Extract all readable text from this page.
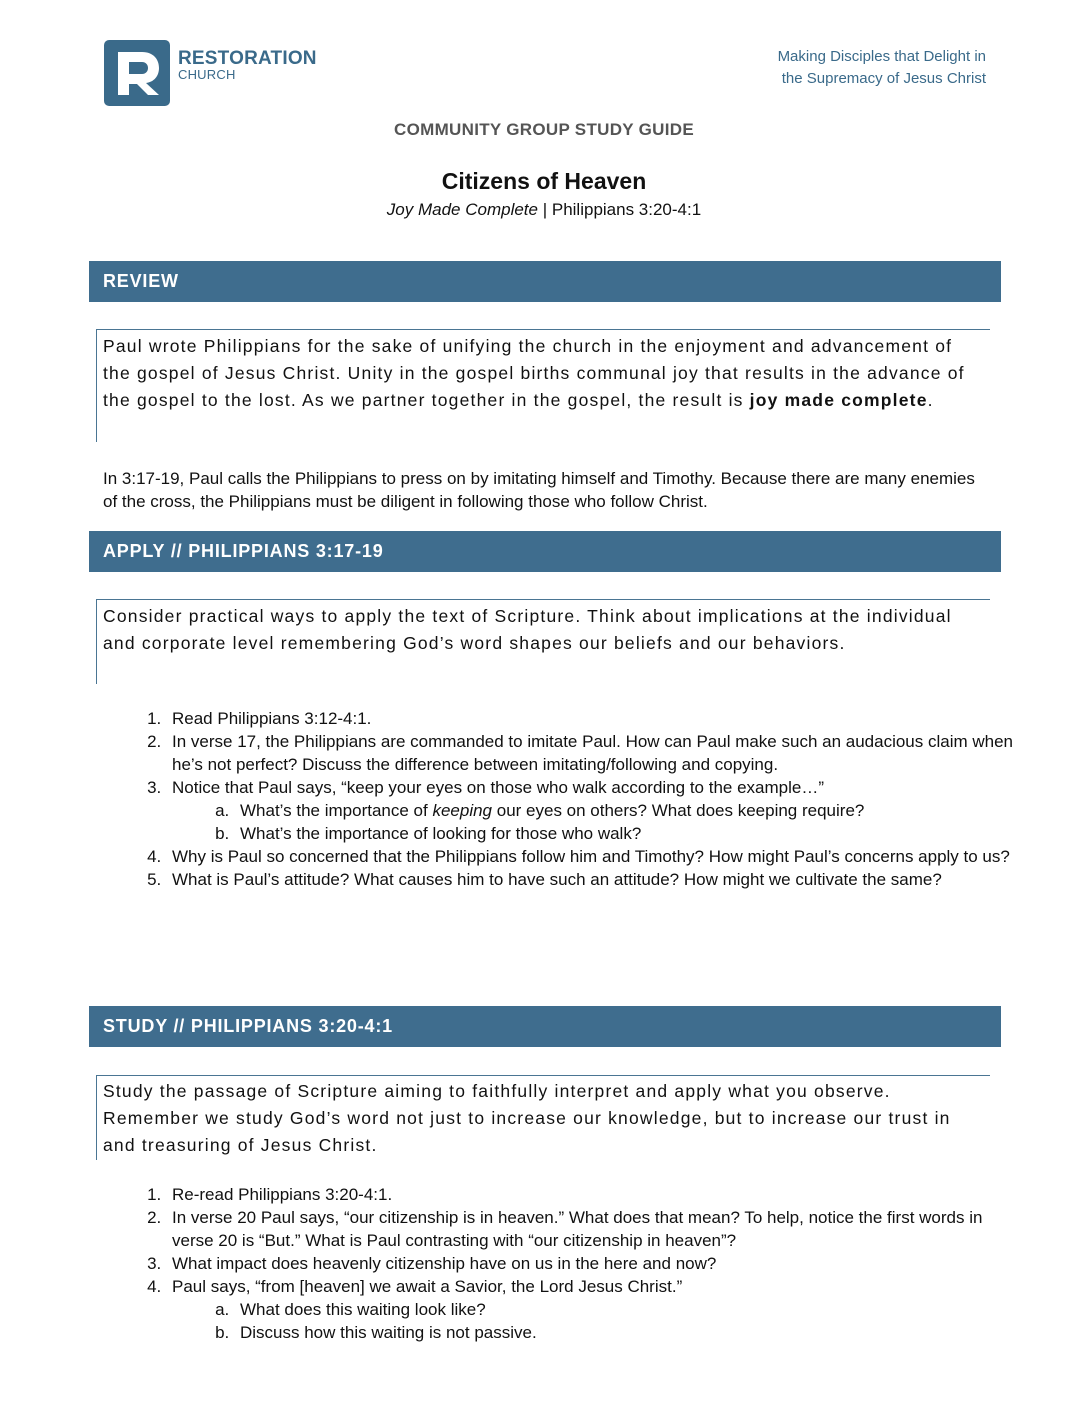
RESTORATION
CHURCH
Making Disciples that Delight in
the Supremacy of Jesus Christ
COMMUNITY GROUP STUDY GUIDE
Citizens of Heaven
Joy Made Complete | Philippians 3:20-4:1
REVIEW
Paul wrote Philippians for the sake of unifying the church in the enjoyment and advancement of the gospel of Jesus Christ. Unity in the gospel births communal joy that results in the advance of the gospel to the lost. As we partner together in the gospel, the result is joy made complete.
In 3:17-19, Paul calls the Philippians to press on by imitating himself and Timothy. Because there are many enemies of the cross, the Philippians must be diligent in following those who follow Christ.
APPLY // PHILIPPIANS 3:17-19
Consider practical ways to apply the text of Scripture. Think about implications at the individual and corporate level remembering God’s word shapes our beliefs and our behaviors.
1. Read Philippians 3:12-4:1.
2. In verse 17, the Philippians are commanded to imitate Paul. How can Paul make such an audacious claim when he’s not perfect? Discuss the difference between imitating/following and copying.
3. Notice that Paul says, “keep your eyes on those who walk according to the example…”
a. What’s the importance of keeping our eyes on others? What does keeping require?
b. What’s the importance of looking for those who walk?
4. Why is Paul so concerned that the Philippians follow him and Timothy? How might Paul’s concerns apply to us?
5. What is Paul’s attitude? What causes him to have such an attitude? How might we cultivate the same?
STUDY // PHILIPPIANS 3:20-4:1
Study the passage of Scripture aiming to faithfully interpret and apply what you observe. Remember we study God’s word not just to increase our knowledge, but to increase our trust in and treasuring of Jesus Christ.
1. Re-read Philippians 3:20-4:1.
2. In verse 20 Paul says, “our citizenship is in heaven.” What does that mean? To help, notice the first words in verse 20 is “But.” What is Paul contrasting with “our citizenship in heaven”?
3. What impact does heavenly citizenship have on us in the here and now?
4. Paul says, “from [heaven] we await a Savior, the Lord Jesus Christ.”
a. What does this waiting look like?
b. Discuss how this waiting is not passive.
